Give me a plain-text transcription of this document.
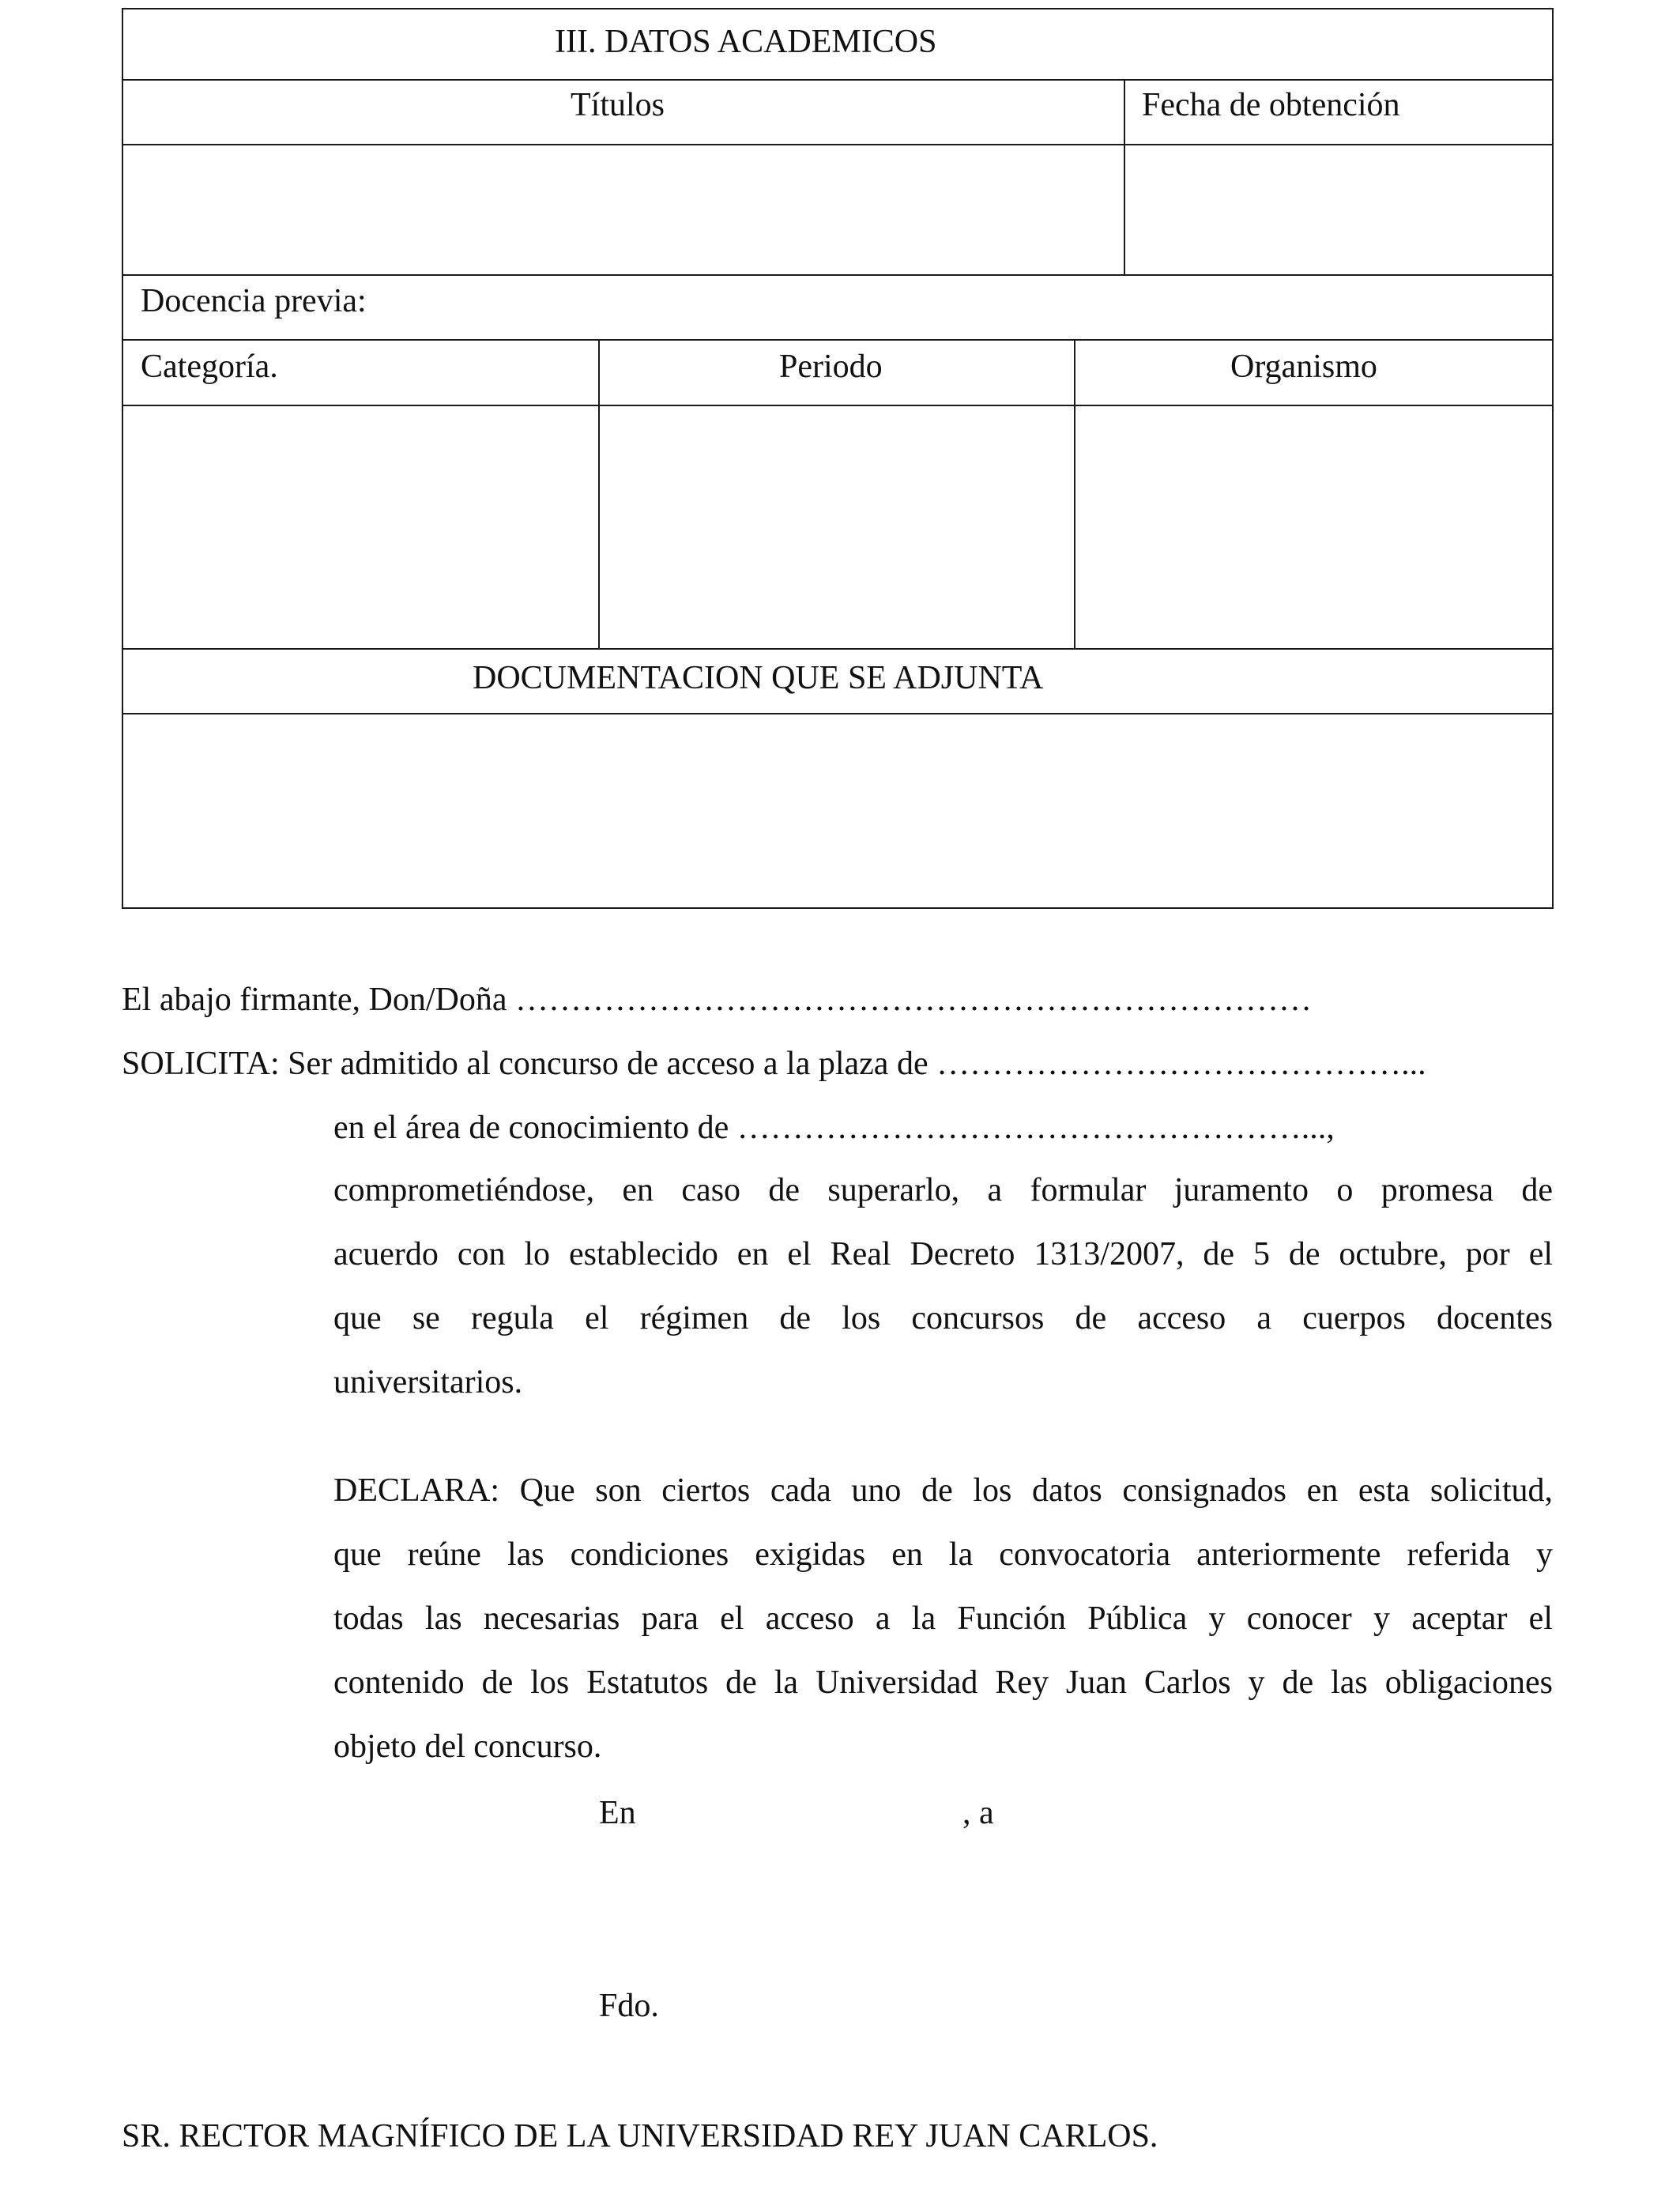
III. DATOS ACADEMICOS
Títulos	Fecha de obtención
Docencia previa:
Categoría.	Periodo	Organismo
DOCUMENTACION QUE SE ADJUNTA
El abajo firmante, Don/Doña ………………………………………………………………
SOLICITA: Ser admitido al concurso de acceso a la plaza de ……………………………………...
en el área de conocimiento de ……………………………………………...,
comprometiéndose, en caso de superarlo, a formular juramento o promesa de
acuerdo con lo establecido en el Real Decreto 1313/2007, de 5 de octubre, por el
que se regula el régimen de los concursos de acceso a cuerpos docentes
universitarios.
DECLARA: Que son ciertos cada uno de los datos consignados en esta solicitud,
que reúne las condiciones exigidas en la convocatoria anteriormente referida y
todas las necesarias para el acceso a la Función Pública y conocer y aceptar el
contenido de los Estatutos de la Universidad Rey Juan Carlos y de las obligaciones
objeto del concurso.
En	, a
Fdo.
SR. RECTOR MAGNÍFICO DE LA UNIVERSIDAD REY JUAN CARLOS.
